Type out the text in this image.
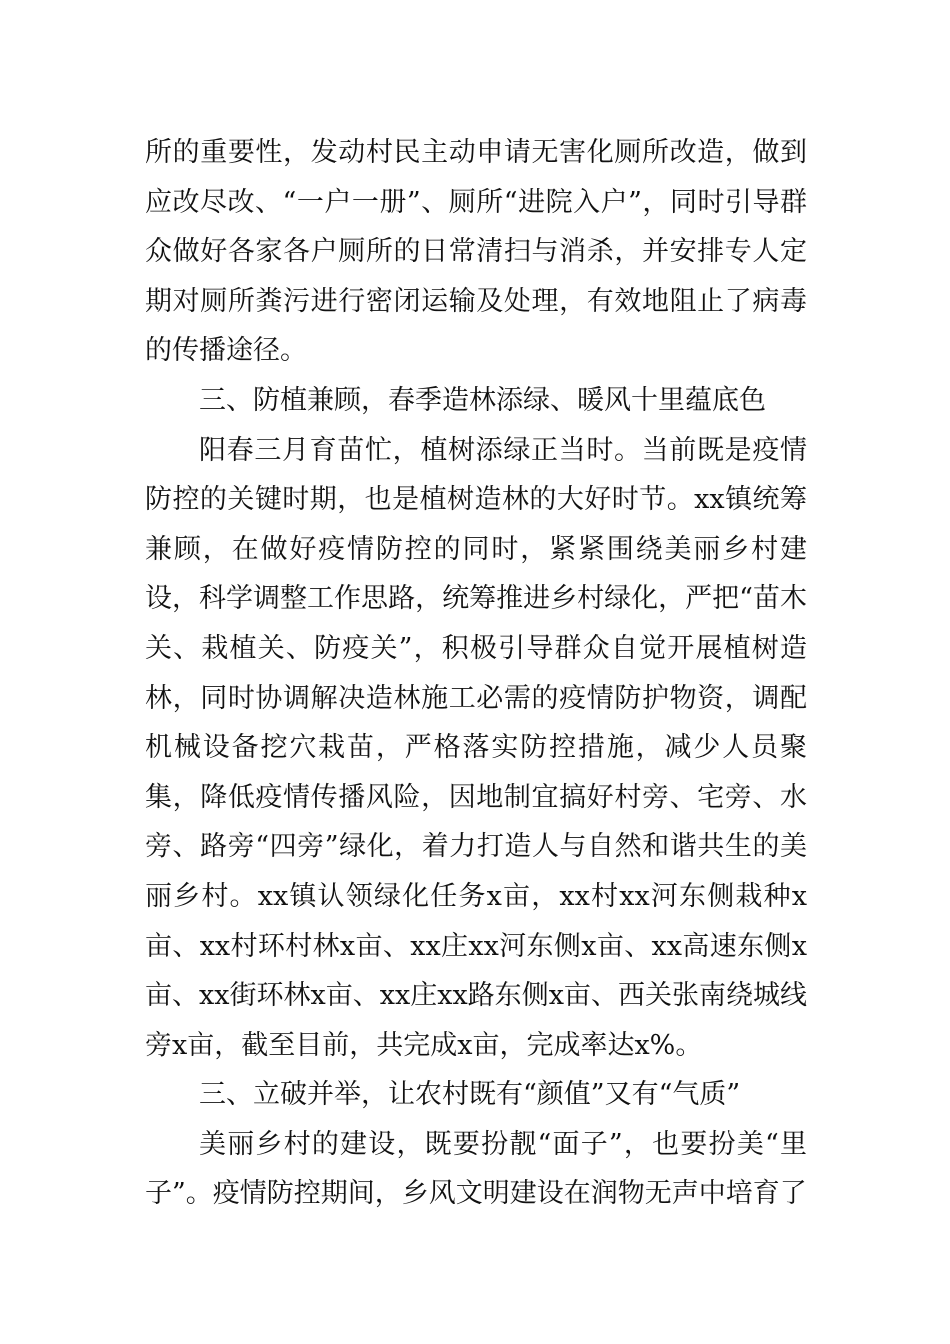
所的重要性，发动村民主动申请无害化厕所改造，做到应改尽改、“一户一册”、厕所“进院入户”，同时引导群众做好各家各户厕所的日常清扫与消杀，并安排专人定期对厕所粪污进行密闭运输及处理，有效地阻止了病毒的传播途径。

三、防植兼顾，春季造林添绿、暖风十里蕴底色

阳春三月育苗忙，植树添绿正当时。当前既是疫情防控的关键时期，也是植树造林的大好时节。xx镇统筹兼顾，在做好疫情防控的同时，紧紧围绕美丽乡村建设，科学调整工作思路，统筹推进乡村绿化，严把“苗木关、栽植关、防疫关”，积极引导群众自觉开展植树造林，同时协调解决造林施工必需的疫情防护物资，调配机械设备挖穴栽苗，严格落实防控措施，减少人员聚集，降低疫情传播风险，因地制宜搞好村旁、宅旁、水旁、路旁“四旁”绿化，着力打造人与自然和谐共生的美丽乡村。xx镇认领绿化任务x亩，xx村xx河东侧栽种x亩、xx村环村林x亩、xx庄xx河东侧x亩、xx高速东侧x亩、xx街环林x亩、xx庄xx路东侧x亩、西关张南绕城线旁x亩，截至目前，共完成x亩，完成率达x%。

三、立破并举，让农村既有“颜值”又有“气质”

美丽乡村的建设，既要扮靓“面子”，也要扮美“里子”。疫情防控期间，乡风文明建设在润物无声中培育了
